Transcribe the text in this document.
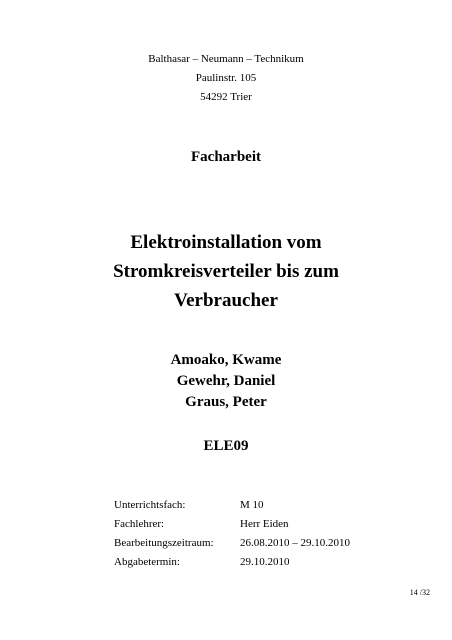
Balthasar – Neumann – Technikum
Paulinstr. 105
54292 Trier
Facharbeit
Elektroinstallation vom
Stromkreisverteiler bis zum
Verbraucher
Amoako, Kwame
Gewehr, Daniel
Graus, Peter
ELE09
Unterrichtsfach:	M 10
Fachlehrer:	Herr Eiden
Bearbeitungszeitraum:	26.08.2010 – 29.10.2010
Abgabetermin:	29.10.2010
14 /32
